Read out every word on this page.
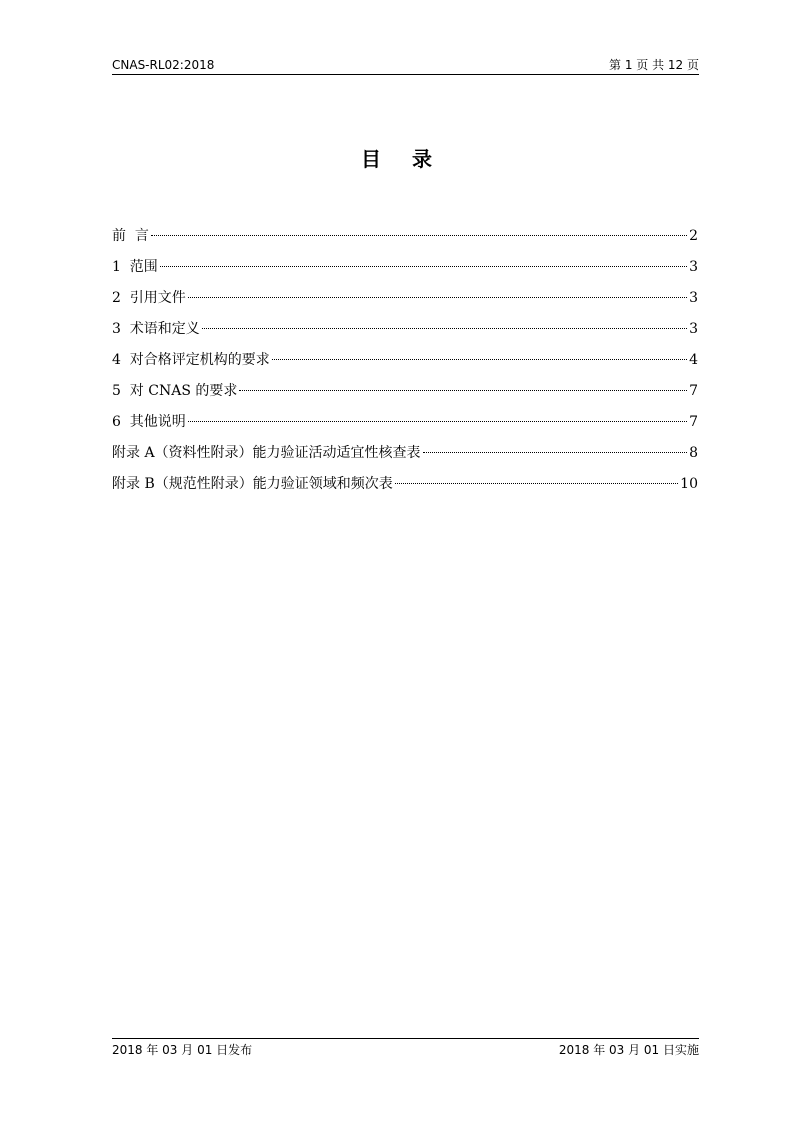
CNAS-RL02:2018	第 1 页 共 12 页
目 录
前  言	2
1  范围	3
2  引用文件	3
3  术语和定义	3
4  对合格评定机构的要求	4
5  对 CNAS 的要求	7
6  其他说明	7
附录 A（资料性附录）能力验证活动适宜性核查表	8
附录 B（规范性附录）能力验证领域和频次表	10
2018 年 03 月 01 日发布	2018 年 03 月 01 日实施
